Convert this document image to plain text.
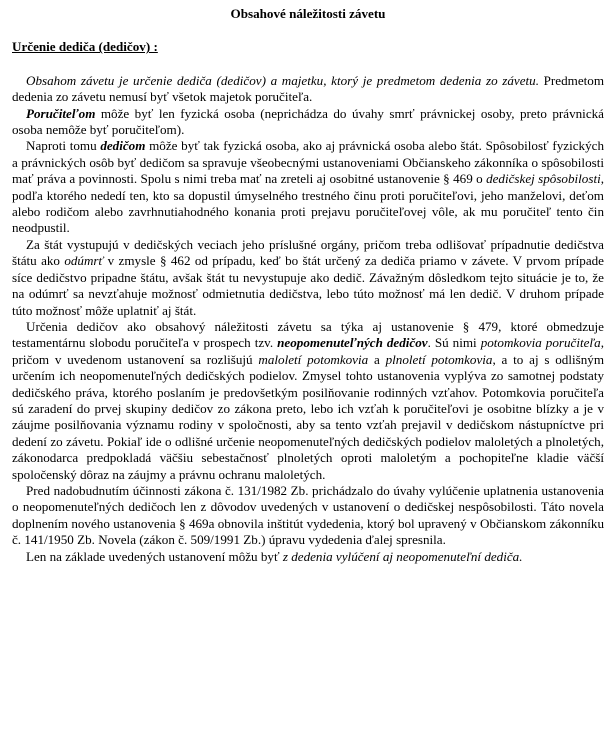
Obsahové náležitosti závetu
Určenie dediča (dedičov) :

Obsahom závetu je určenie dediča (dedičov) a majetku, ktorý je predmetom dedenia zo závetu. Predmetom dedenia zo závetu nemusí byť všetok majetok poručiteľa.

Poručiteľom môže byť len fyzická osoba (neprichádza do úvahy smrť právnickej osoby, preto právnická osoba nemôže byť poručiteľom).

Naproti tomu dedičom môže byť tak fyzická osoba, ako aj právnická osoba alebo štát. Spôsobilosť fyzických a právnických osôb byť dedičom sa spravuje všeobecnými ustanoveniami Občianskeho zákonníka o spôsobilosti mať práva a povinnosti. Spolu s nimi treba mať na zreteli aj osobitné ustanovenie § 469 o dedičskej spôsobilosti, podľa ktorého nededí ten, kto sa dopustil úmyselného trestného činu proti poručiteľovi, jeho manželovi, deťom alebo rodičom alebo zavrhnutiahodného konania proti prejavu poručiteľovej vôle, ak mu poručiteľ tento čin neodpustil.

Za štát vystupujú v dedičských veciach jeho príslušné orgány, pričom treba odlišovať prípadnutie dedičstva štátu ako odúmrť v zmysle § 462 od prípadu, keď bo štát určený za dediča priamo v závete. V prvom prípade síce dedičstvo pripadne štátu, avšak štát tu nevystupuje ako dedič. Závažným dôsledkom tejto situácie je to, že na odúmrť sa nevzťahuje možnosť odmietnutia dedičstva, lebo túto možnosť má len dedič. V druhom prípade túto možnosť môže uplatniť aj štát.

Určenia dedičov ako obsahový náležitosti závetu sa týka aj ustanovenie § 479, ktoré obmedzuje testamentárnu slobodu poručiteľa v prospech tzv. neopomenuteľných dedičov. Sú nimi potomkovia poručiteľa, pričom v uvedenom ustanovení sa rozlišujú maloletí potomkovia a plnoletí potomkovia, a to aj s odlišným určením ich neopomenuteľných dedičských podielov. Zmysel tohto ustanovenia vyplýva zo samotnej podstaty dedičského práva, ktorého poslaním je predovšetkým posilňovanie rodinných vzťahov. Potomkovia poručiteľa sú zaradení do prvej skupiny dedičov zo zákona preto, lebo ich vzťah k poručiteľovi je osobitne blízky a je v záujme posilňovania významu rodiny v spoločnosti, aby sa tento vzťah prejavil v dedičskom nástupníctve pri dedení zo závetu. Pokiaľ ide o odlišné určenie neopomenuteľných dedičských podielov maloletých a plnoletých, zákonodarca predpokladá väčšiu sebestačnosť plnoletých oproti maloletým a pochopiteľne kladie väčší spoločenský dôraz na záujmy a právnu ochranu maloletých.

Pred nadobudnutím účinnosti zákona č. 131/1982 Zb. prichádzalo do úvahy vylúčenie uplatnenia ustanovenia o neopomenuteľných dedičoch len z dôvodov uvedených v ustanovení o dedičskej nespôsobilosti. Táto novela doplnením nového ustanovenia § 469a obnovila inštitút vydedenia, ktorý bol upravený v Občianskom zákonníku č. 141/1950 Zb. Novela (zákon č. 509/1991 Zb.) úpravu vydedenia ďalej spresnila.

Len na základe uvedených ustanovení môžu byť z dedenia vylúčení aj neopomenuteľní dediča.
